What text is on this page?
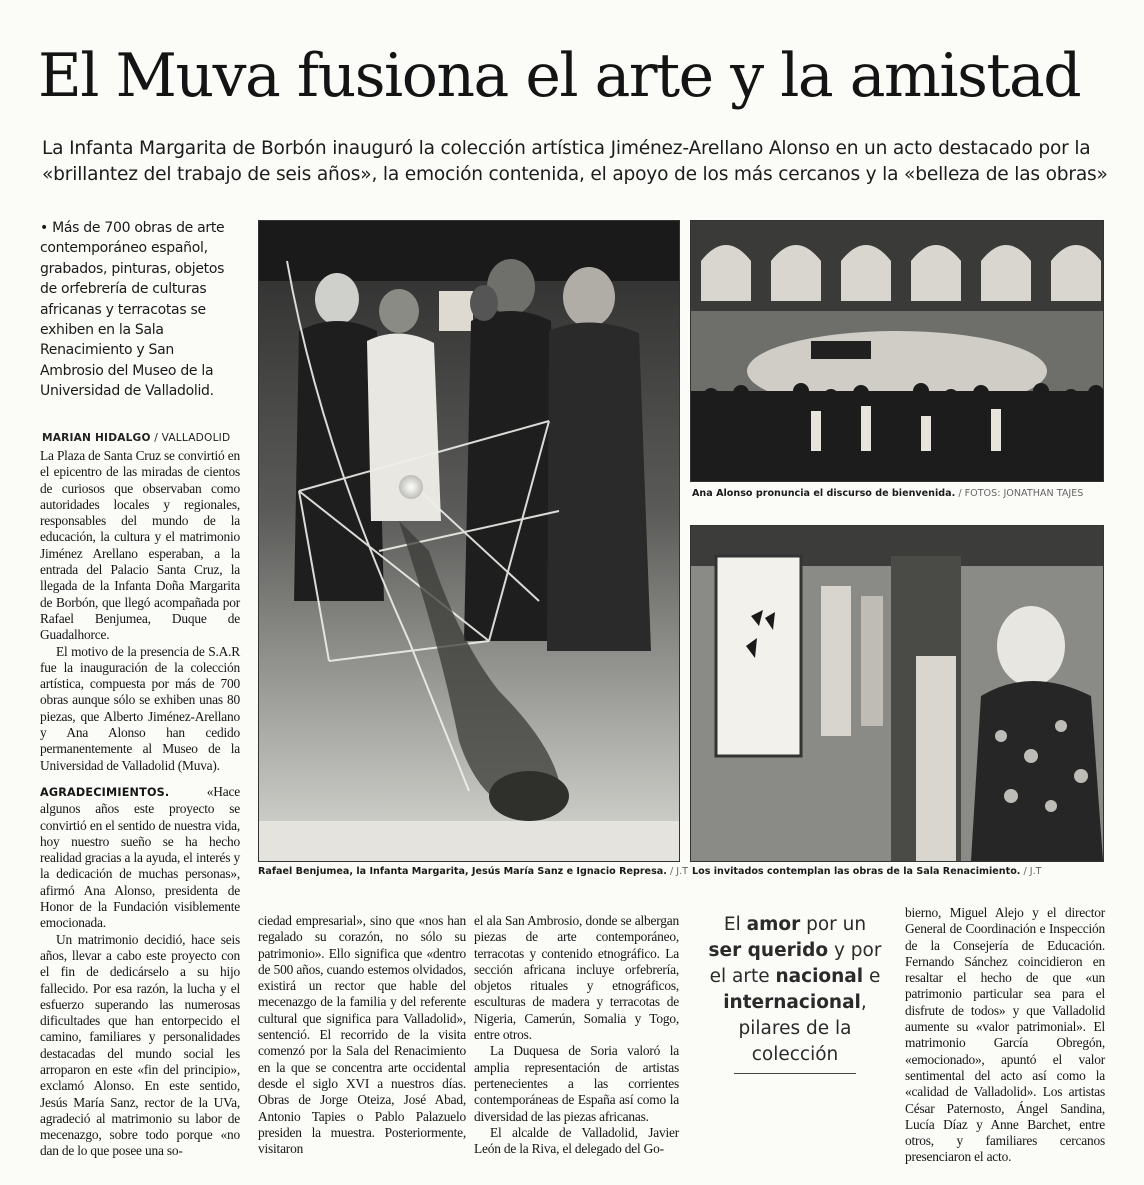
El Muva fusiona el arte y la amistad
La Infanta Margarita de Borbón inauguró la colección artística Jiménez-Arellano Alonso en un acto destacado por la
«brillantez del trabajo de seis años», la emoción contenida, el apoyo de los más cercanos y la «belleza de las obras»
• Más de 700 obras de arte contemporáneo español, grabados, pinturas, objetos de orfebrería de culturas africanas y terracotas se exhiben en la Sala Renacimiento y San Ambrosio del Museo de la Universidad de Valladolid.
MARIAN HIDALGO / VALLADOLID

La Plaza de Santa Cruz se convirtió en el epicentro de las miradas de cientos de curiosos que observaban como autoridades locales y regionales, responsables del mundo de la educación, la cultura y el matrimonio Jiménez Arellano esperaban, a la entrada del Palacio Santa Cruz, la llegada de la Infanta Doña Margarita de Borbón, que llegó acompañada por Rafael Benjumea, Duque de Guadalhorce.

El motivo de la presencia de S.A.R fue la inauguración de la colección artística, compuesta por más de 700 obras aunque sólo se exhiben unas 80 piezas, que Alberto Jiménez-Arellano y Ana Alonso han cedido permanentemente al Museo de la Universidad de Valladolid (Muva).

AGRADECIMIENTOS. «Hace algunos años este proyecto se convirtió en el sentido de nuestra vida, hoy nuestro sueño se ha hecho realidad gracias a la ayuda, el interés y la dedicación de muchas personas», afirmó Ana Alonso, presidenta de Honor de la Fundación visiblemente emocionada.

Un matrimonio decidió, hace seis años, llevar a cabo este proyecto con el fin de dedicárselo a su hijo fallecido. Por esa razón, la lucha y el esfuerzo superando las numerosas dificultades que han entorpecido el camino, familiares y personalidades destacadas del mundo social les arroparon en este «fin del principio», exclamó Alonso. En este sentido, Jesús María Sanz, rector de la UVa, agradeció al matrimonio su labor de mecenazgo, sobre todo porque «no dan de lo que posee una so-

ciedad empresarial», sino que «nos han regalado su corazón, no sólo su patrimonio». Ello significa que «dentro de 500 años, cuando estemos olvidados, existirá un rector que hable del mecenazgo de la familia y del referente cultural que significa para Valladolid», sentenció. El recorrido de la visita comenzó por la Sala del Renacimiento en la que se concentra arte occidental desde el siglo XVI a nuestros días. Obras de Jorge Oteiza, José Abad, Antonio Tapies o Pablo Palazuelo presiden la muestra. Posteriormente, visitaron

el ala San Ambrosio, donde se albergan piezas de arte contemporáneo, terracotas y contenido etnográfico. La sección africana incluye orfebrería, objetos rituales y etnográficos, esculturas de madera y terracotas de Nigeria, Camerún, Somalia y Togo, entre otros.

La Duquesa de Soria valoró la amplia representación de artistas pertenecientes a las corrientes contemporáneas de España así como la diversidad de las piezas africanas.

El alcalde de Valladolid, Javier León de la Riva, el delegado del Go-

El amor por un
ser querido y por
el arte nacional e
internacional,
pilares de la
colección

bierno, Miguel Alejo y el director General de Coordinación e Inspección de la Consejería de Educación. Fernando Sánchez coincidieron en resaltar el hecho de que «un patrimonio particular sea para el disfrute de todos» y que Valladolid aumente su «valor patrimonial». El matrimonio García Obregón, «emocionado», apuntó el valor sentimental del acto así como la «calidad de Valladolid». Los artistas César Paternosto, Ángel Sandina, Lucía Díaz y Anne Barchet, entre otros, y familiares cercanos presenciaron el acto.

Rafael Benjumea, la Infanta Margarita, Jesús María Sanz e Ignacio Represa. / J.T
Ana Alonso pronuncia el discurso de bienvenida. / FOTOS: JONATHAN TAJES
Los invitados contemplan las obras de la Sala Renacimiento. / J.T
